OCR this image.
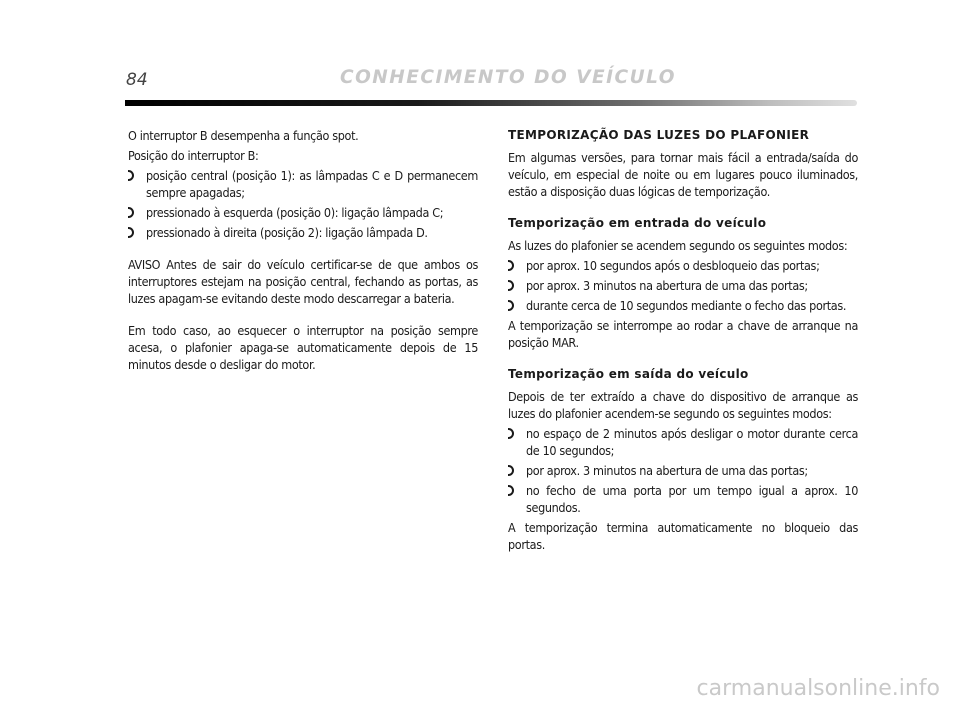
84	CONHECIMENTO DO VEÍCULO

O interruptor B desempenha a função spot.

Posição do interruptor B:

posição central (posição 1): as lâmpadas C e D permanecem sempre apagadas;
pressionado à esquerda (posição 0): ligação lâmpada C;
pressionado à direita (posição 2): ligação lâmpada D.

AVISO Antes de sair do veículo certificar-se de que ambos os interruptores estejam na posição central, fechando as portas, as luzes apagam-se evitando deste modo descarregar a bateria.

Em todo caso, ao esquecer o interruptor na posição sempre acesa, o plafonier apaga-se automaticamente depois de 15 minutos desde o desligar do motor.

TEMPORIZAÇÃO DAS LUZES DO PLAFONIER

Em algumas versões, para tornar mais fácil a entrada/saída do veículo, em especial de noite ou em lugares pouco iluminados, estão a disposição duas lógicas de temporização.

Temporização em entrada do veículo

As luzes do plafonier se acendem segundo os seguintes modos:

por aprox. 10 segundos após o desbloqueio das portas;
por aprox. 3 minutos na abertura de uma das portas;
durante cerca de 10 segundos mediante o fecho das portas.

A temporização se interrompe ao rodar a chave de arranque na posição MAR.

Temporização em saída do veículo

Depois de ter extraído a chave do dispositivo de arranque as luzes do plafonier acendem-se segundo os seguintes modos:

no espaço de 2 minutos após desligar o motor durante cerca de 10 segundos;
por aprox. 3 minutos na abertura de uma das portas;
no fecho de uma porta por um tempo igual a aprox. 10 segundos.

A temporização termina automaticamente no bloqueio das portas.

carmanualsonline.info
